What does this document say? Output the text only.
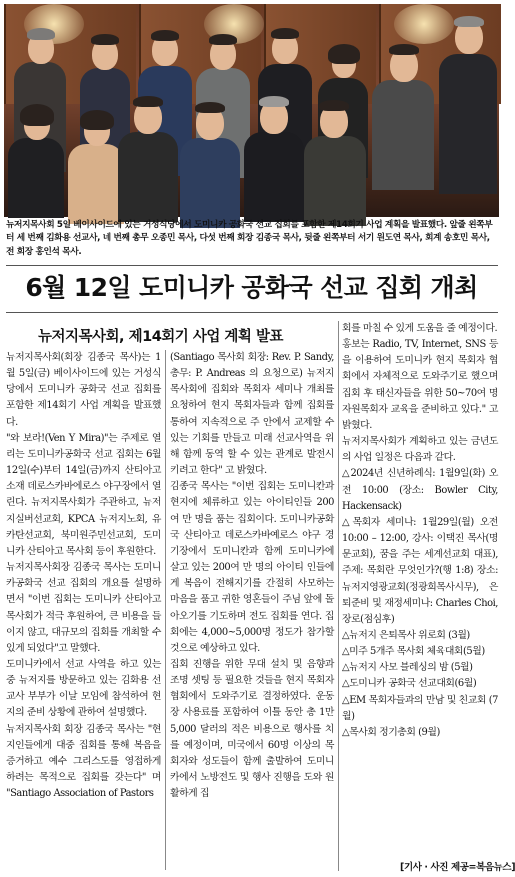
뉴저지목사회 5일 베이사이드에 있는 거성식당에서 도미니카 공화국 선교 집회를 포함한 제14회기 사업 계획을 발표했다. 앞줄 왼쪽부터 세 번째 김화용 선교사, 네 번째 총무 오종민 목사, 다섯 번째 회장 김종국 목사, 뒷줄 왼쪽부터 서기 원도연 목사, 회계 송호민 목사, 전 회장 홍인석 목사.
6월 12일 도미니카 공화국 선교 집회 개최
뉴저지목사회, 제14회기 사업 계획 발표
뉴저지목사회(회장 김종국 목사)는 1월 5일(금) 베이사이드에 있는 거성식당에서 도미니카 공화국 선교 집회를 포함한 제14회기 사업 계획을 발표했다.
"와 보라!(Ven Y Mira)"는 주제로 열리는 도미니카공화국 선교 집회는 6월 12일(수)부터 14일(금)까지 산티아고 소재 데로스카바에로스 야구장에서 열린다. 뉴저지목사회가 주관하고, 뉴저지실버선교회, KPCA 뉴저지노회, 유카탄선교회, 북미원주민선교회, 도미니카 산티아고 목사회 등이 후원한다.
뉴저지목사회장 김종국 목사는 도미니카공화국 선교 집회의 개요를 설명하면서 "이번 집회는 도미니카 산티아고 목사회가 적극 후원하여, 큰 비용을 들이지 않고, 대규모의 집회를 개최할 수 있게 되었다"고 말했다.
도미니카에서 선교 사역을 하고 있는 중 뉴저지를 방문하고 있는 김화용 선교사 부부가 이날 모임에 참석하여 현지의 준비 상황에 관하여 설명했다.
뉴저지목사회 회장 김종국 목사는 "현지인들에게 대중 집회를 통해 복음을 증거하고 예수 그리스도를 영접하게 하려는 목적으로 집회를 갖는다" 며 "Santiago Association of Pastors
(Santiago 목사회 회장: Rev. P. Sandy, 총무: P. Andreas 의 요청으로) 뉴저지목사회에 집회와 목회자 세미나 개최를 요청하여 현지 목회자들과 함께 집회를 통하여 지속적으로 주 안에서 교제할 수 있는 기회를 만들고 미래 선교사역을 위해 함께 동역 할 수 있는 관계로 발전시키려고 한다" 고 밝혔다.
김종국 목사는 "이번 집회는 도미니칸과 현지에 체류하고 있는 아이티인들 200여 만 명을 품는 집회이다. 도미니카공화국 산티아고 데로스카바예로스 야구 경기장에서 도미니칸과 함께 도미니카에 살고 있는 200여 만 명의 아이티 인들에게 복음이 전해지기를 간절히 사모하는 마음을 품고 귀한 영혼들이 주님 앞에 돌아오기를 기도하며 전도 집회를 연다. 집회에는 4,000~5,000명 정도가 참가할 것으로 예상하고 있다.
집회 진행을 위한 무대 설치 및 음향과 조명 셋팅 등 필요한 것들을 현지 목회자 협회에서 도와주기로 결정하였다. 운동장 사용료를 포함하여 이틀 동안 총 1만 5,000 달러의 적은 비용으로 행사를 치를 예정이며, 미국에서 60명 이상의 목회자와 성도들이 함께 출발하여 도미니카에서 노방전도 및 행사 진행을 도와 원활하게 집
회를 마칠 수 있게 도움을 줄 예정이다.
홍보는 Radio, TV, Internet, SNS 등을 이용하여 도미니카 현지 목회자 협회에서 자체적으로 도와주기로 했으며 집회 후 태신자들을 위한 50~70여 명 자원목회자 교육을 준비하고 있다." 고 밝혔다.
뉴저지목사회가 계획하고 있는 금년도의 사업 일정은 다음과 같다.
△2024년 신년하례식: 1월9일(화) 오전 10:00 (장소: Bowler City, Hackensack)
△목회자 세미나: 1월29일(월) 오전 10:00 – 12:00, 강사: 이택진 목사(명문교회), 꿈을 주는 세계선교회 대표), 주제: 목회란 무엇인가?(행 1:8) 장소: 뉴저지영광교회(정광희목사시무), 은퇴준비 및 재정세미나: Charles Choi, 장로(점심후)
△뉴저지 은퇴목사 위로회 (3월)
△미주 5개주 목사회 체육대회(5월)
△뉴저지 사모 블레싱의 밤 (5월)
△도미니카 공화국 선교대회(6월)
△EM 목회자들과의 만남 및 친교회 (7월)
△목사회 정기총회 (9월)
[기사 · 사진 제공=복음뉴스]
